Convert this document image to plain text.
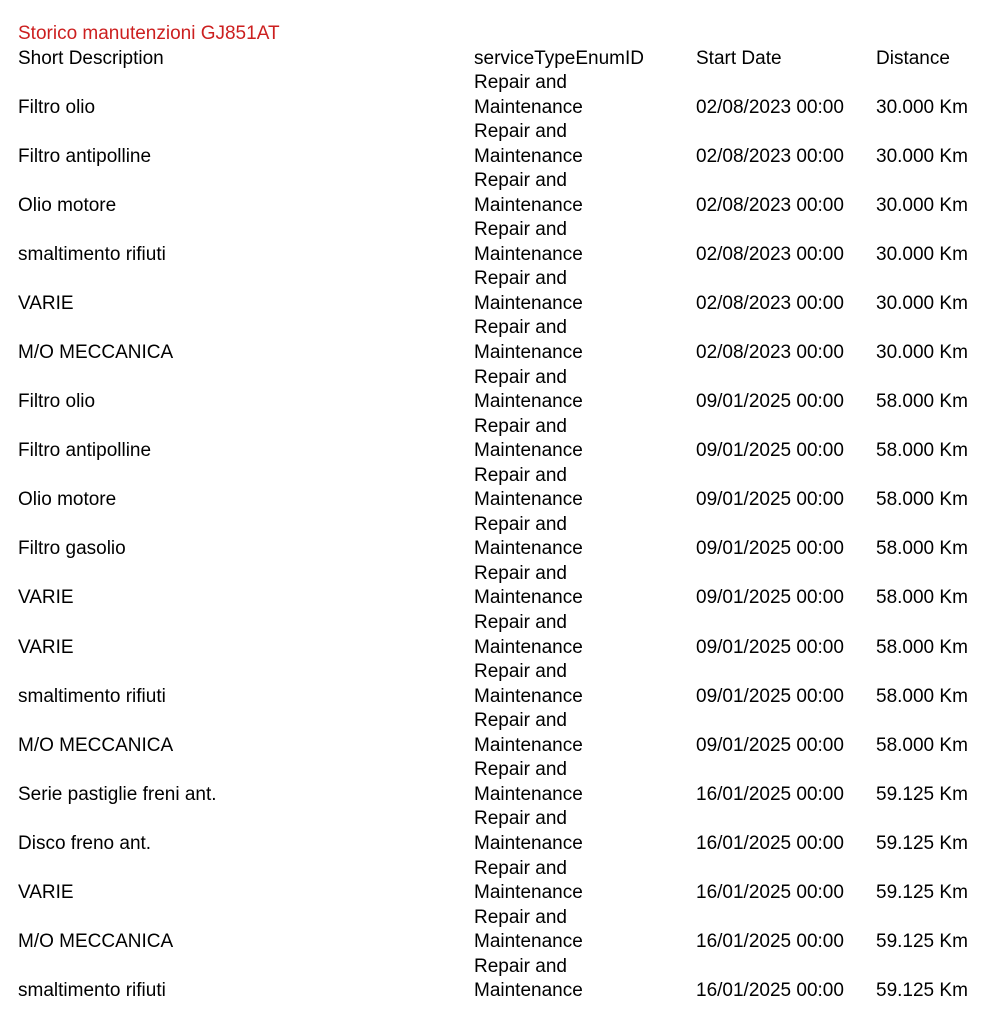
Storico manutenzioni GJ851AT
Short Description	serviceTypeEnumID	Start Date	Distance
Filtro olio
Repair and
Maintenance	02/08/2023 00:00 30.000 Km
Filtro antipolline
Repair and
Maintenance	02/08/2023 00:00 30.000 Km
Olio motore
Repair and
Maintenance	02/08/2023 00:00 30.000 Km
smaltimento rifiuti
Repair and
Maintenance	02/08/2023 00:00 30.000 Km
VARIE
Repair and
Maintenance	02/08/2023 00:00 30.000 Km
M/O MECCANICA
Repair and
Maintenance	02/08/2023 00:00 30.000 Km
Filtro olio
Repair and
Maintenance	09/01/2025 00:00 58.000 Km
Filtro antipolline
Repair and
Maintenance	09/01/2025 00:00 58.000 Km
Olio motore
Repair and
Maintenance	09/01/2025 00:00 58.000 Km
Filtro gasolio
Repair and
Maintenance	09/01/2025 00:00 58.000 Km
VARIE
Repair and
Maintenance	09/01/2025 00:00 58.000 Km
VARIE
Repair and
Maintenance	09/01/2025 00:00 58.000 Km
smaltimento rifiuti
Repair and
Maintenance	09/01/2025 00:00 58.000 Km
M/O MECCANICA
Repair and
Maintenance	09/01/2025 00:00 58.000 Km
Serie pastiglie freni ant.
Repair and
Maintenance	16/01/2025 00:00 59.125 Km
Disco freno ant.
Repair and
Maintenance	16/01/2025 00:00 59.125 Km
VARIE
Repair and
Maintenance	16/01/2025 00:00 59.125 Km
M/O MECCANICA
Repair and
Maintenance	16/01/2025 00:00 59.125 Km
smaltimento rifiuti
Repair and
Maintenance	16/01/2025 00:00 59.125 Km
